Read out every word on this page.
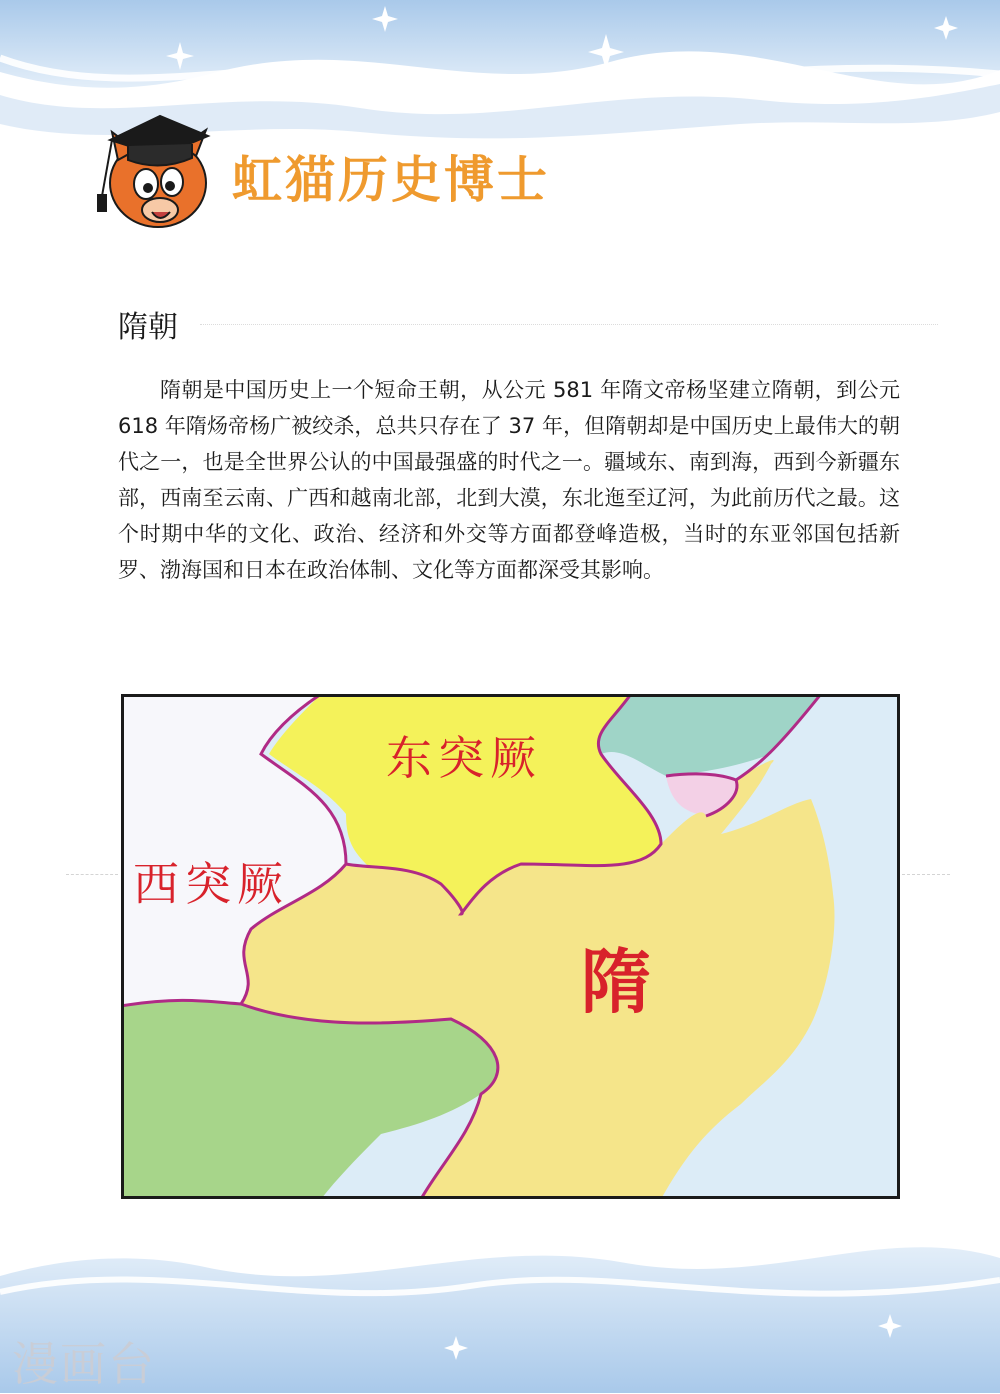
虹猫历史博士
隋朝

隋朝是中国历史上一个短命王朝，从公元 581 年隋文帝杨坚建立隋朝，到公元 618 年隋炀帝杨广被绞杀，总共只存在了 37 年，但隋朝却是中国历史上最伟大的朝代之一，也是全世界公认的中国最强盛的时代之一。疆域东、南到海，西到今新疆东部，西南至云南、广西和越南北部，北到大漠，东北迤至辽河，为此前历代之最。这个时期中华的文化、政治、经济和外交等方面都登峰造极，当时的东亚邻国包括新罗、渤海国和日本在政治体制、文化等方面都深受其影响。

东突厥
西突厥
隋
漫画台
